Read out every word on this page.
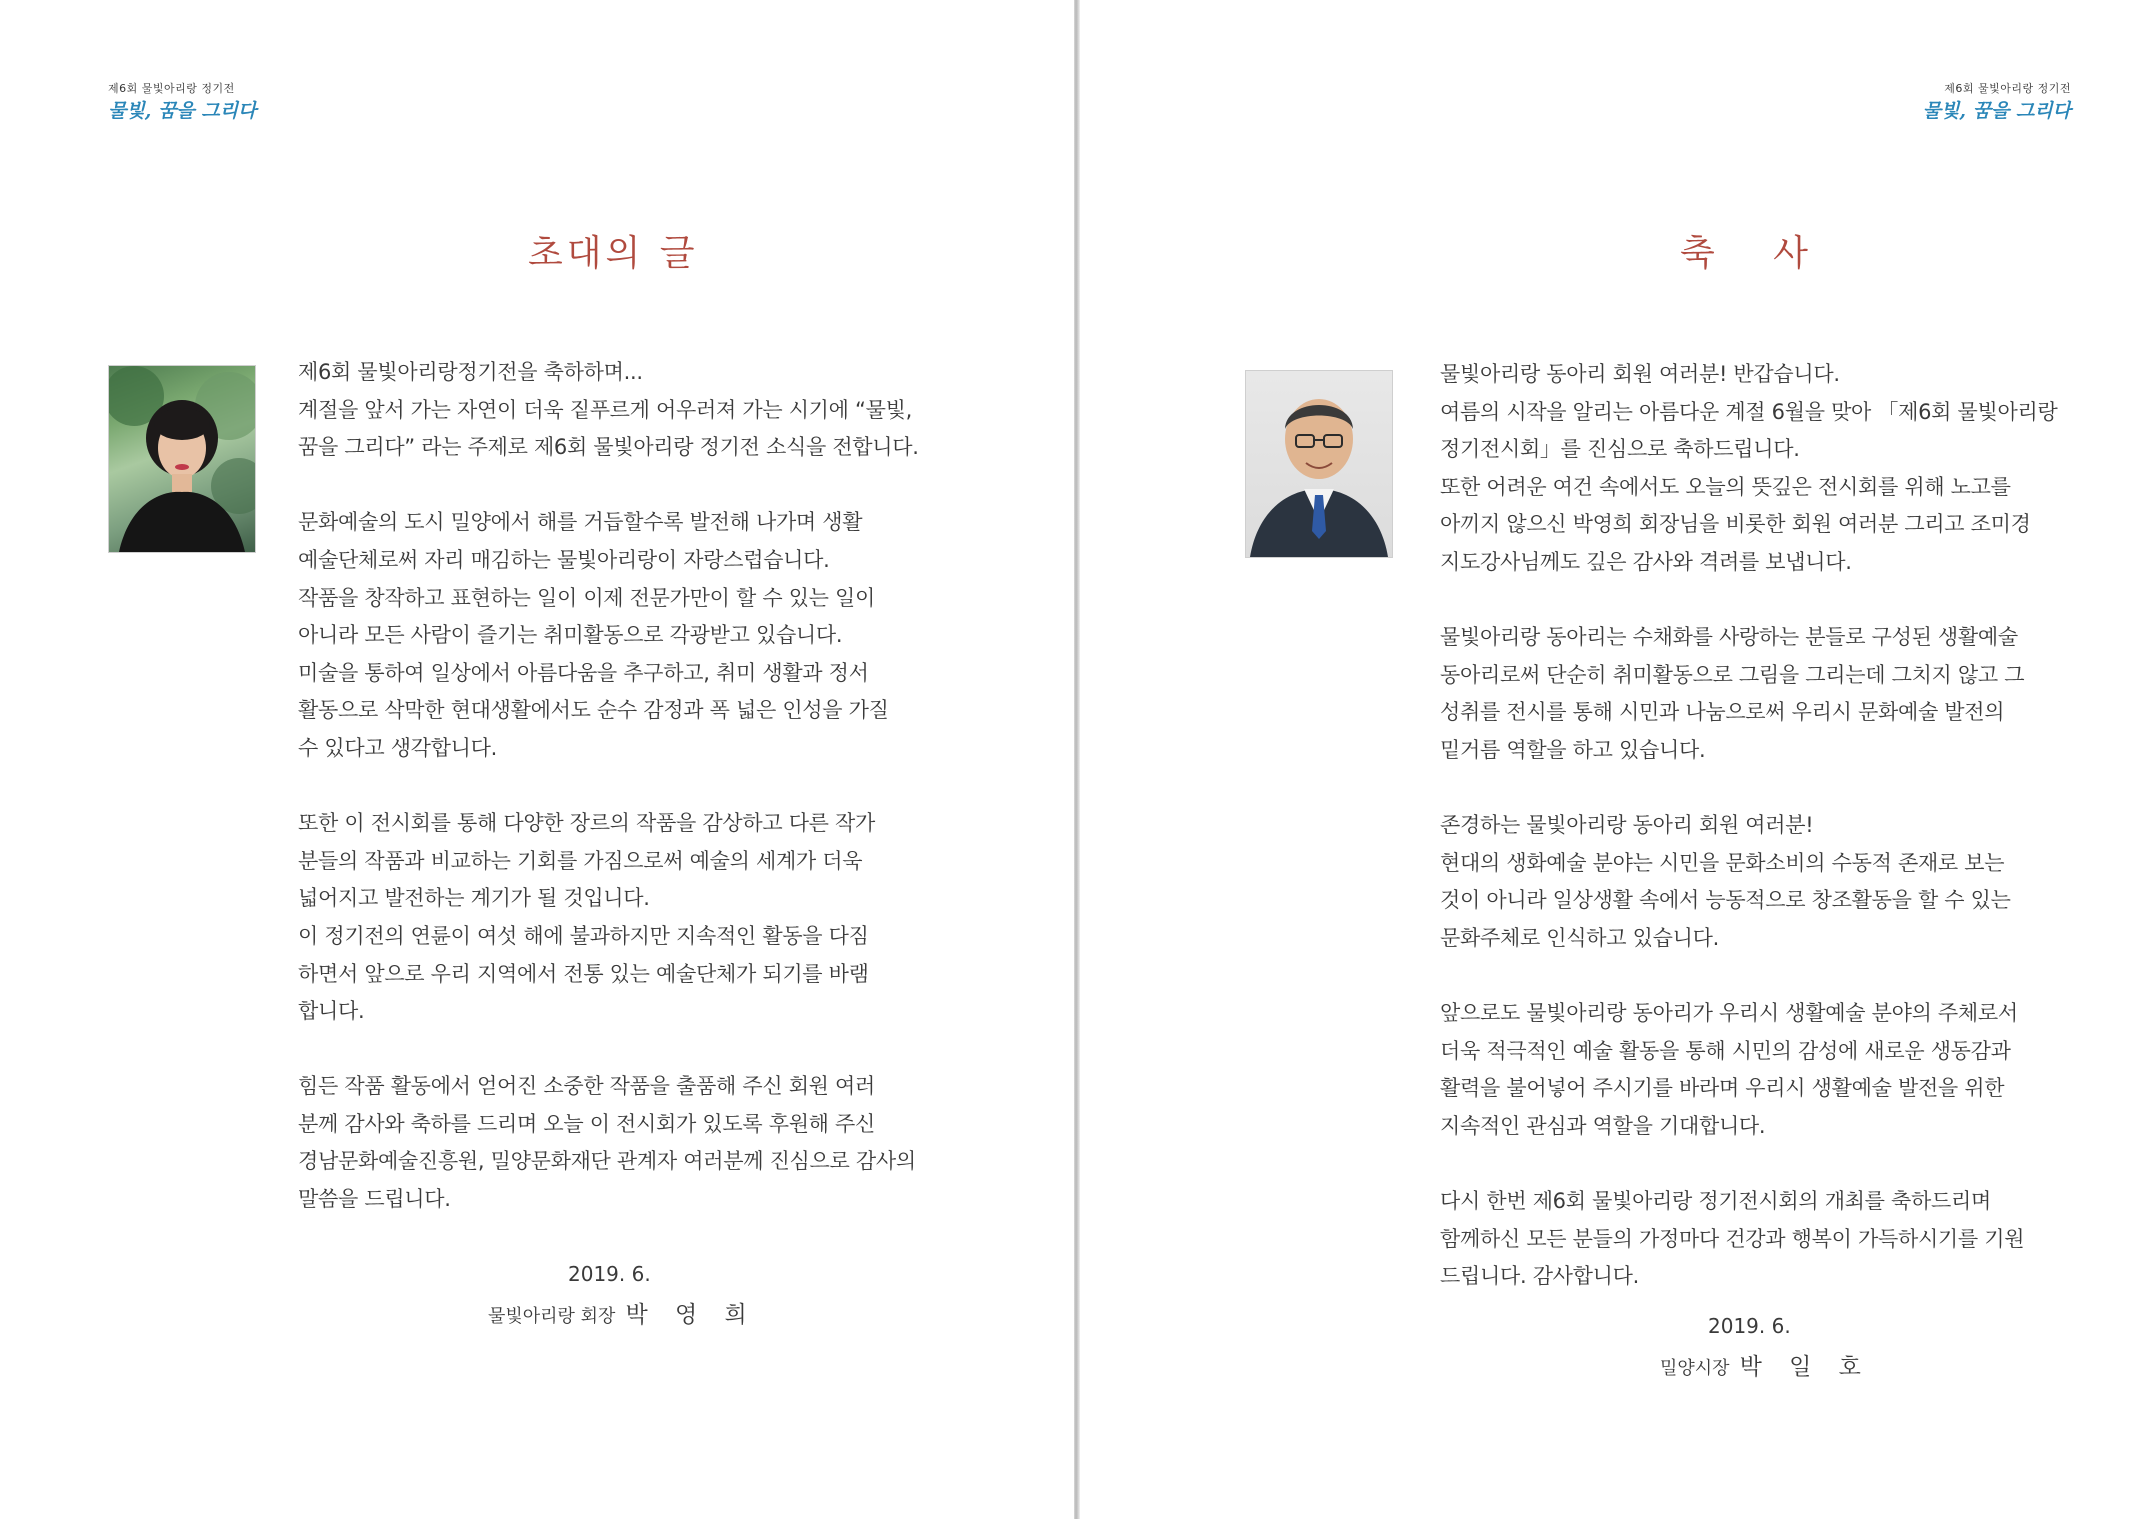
제6회 물빛아리랑 정기전
물빛, 꿈을 그리다
초대의 글
제6회 물빛아리랑정기전을 축하하며...
계절을 앞서 가는 자연이 더욱 짙푸르게 어우러져 가는 시기에 “물빛,
꿈을 그리다” 라는 주제로 제6회 물빛아리랑 정기전 소식을 전합니다.
문화예술의 도시 밀양에서 해를 거듭할수록 발전해 나가며 생활
예술단체로써 자리 매김하는 물빛아리랑이 자랑스럽습니다.
작품을 창작하고 표현하는 일이 이제 전문가만이 할 수 있는 일이
아니라 모든 사람이 즐기는 취미활동으로 각광받고 있습니다.
미술을 통하여 일상에서 아름다움을 추구하고, 취미 생활과 정서
활동으로 삭막한 현대생활에서도 순수 감정과 폭 넓은 인성을 가질
수 있다고 생각합니다.
또한 이 전시회를 통해 다양한 장르의 작품을 감상하고 다른 작가
분들의 작품과 비교하는 기회를 가짐으로써 예술의 세계가 더욱
넓어지고 발전하는 계기가 될 것입니다.
이 정기전의 연륜이 여섯 해에 불과하지만 지속적인 활동을 다짐
하면서 앞으로 우리 지역에서 전통 있는 예술단체가 되기를 바램
합니다.
힘든 작품 활동에서 얻어진 소중한 작품을 출품해 주신 회원 여러
분께 감사와 축하를 드리며 오늘 이 전시회가 있도록 후원해 주신
경남문화예술진흥원, 밀양문화재단 관계자 여러분께 진심으로 감사의
말씀을 드립니다.
2019. 6.
물빛아리랑 회장 박 영 희
제6회 물빛아리랑 정기전
물빛, 꿈을 그리다
축   사
물빛아리랑 동아리 회원 여러분! 반갑습니다.
여름의 시작을 알리는 아름다운 계절 6월을 맞아 「제6회 물빛아리랑
정기전시회」를 진심으로 축하드립니다.
또한 어려운 여건 속에서도 오늘의 뜻깊은 전시회를 위해 노고를
아끼지 않으신 박영희 회장님을 비롯한 회원 여러분 그리고 조미경
지도강사님께도 깊은 감사와 격려를 보냅니다.
물빛아리랑 동아리는 수채화를 사랑하는 분들로 구성된 생활예술
동아리로써 단순히 취미활동으로 그림을 그리는데 그치지 않고 그
성취를 전시를 통해 시민과 나눔으로써 우리시 문화예술 발전의
밑거름 역할을 하고 있습니다.
존경하는 물빛아리랑 동아리 회원 여러분!
현대의 생화예술 분야는 시민을 문화소비의 수동적 존재로 보는
것이 아니라 일상생활 속에서 능동적으로 창조활동을 할 수 있는
문화주체로 인식하고 있습니다.
앞으로도 물빛아리랑 동아리가 우리시 생활예술 분야의 주체로서
더욱 적극적인 예술 활동을 통해 시민의 감성에 새로운 생동감과
활력을 불어넣어 주시기를 바라며 우리시 생활예술 발전을 위한
지속적인 관심과 역할을 기대합니다.
다시 한번 제6회 물빛아리랑 정기전시회의 개최를 축하드리며
함께하신 모든 분들의 가정마다 건강과 행복이 가득하시기를 기원
드립니다. 감사합니다.
2019. 6.
밀양시장 박 일 호
